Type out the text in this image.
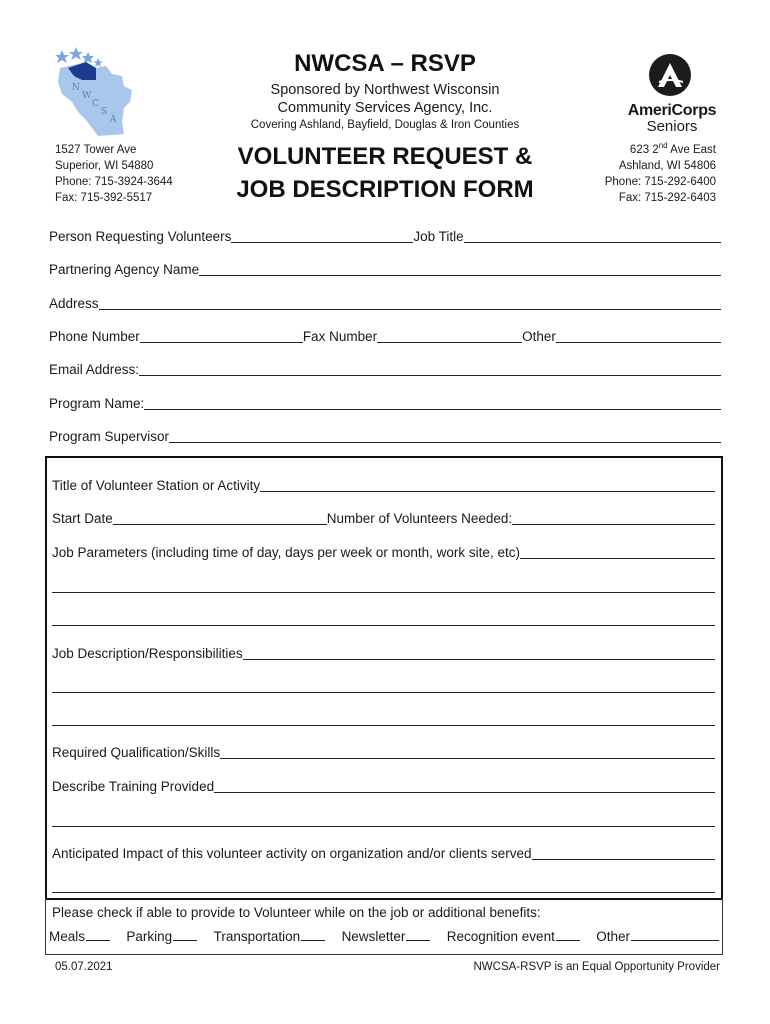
N
W
C
S
A
NWCSA – RSVP
Sponsored by Northwest Wisconsin
Community Services Agency, Inc.
Covering Ashland, Bayfield, Douglas & Iron Counties
VOLUNTEER REQUEST &
JOB DESCRIPTION FORM
1527 Tower Ave
Superior, WI 54880
Phone: 715-3924-3644
Fax: 715-392-5517
623 2nd Ave East
Ashland, WI 54806
Phone: 715-292-6400
Fax: 715-292-6403
AmeriCorps
Seniors
Person Requesting Volunteers	Job Title
Partnering Agency Name
Address
Phone Number	Fax Number	Other
Email Address:
Program Name:
Program Supervisor
Title of Volunteer Station or Activity
Start Date	Number of Volunteers Needed:
Job Parameters (including time of day, days per week or month, work site, etc)
Job Description/Responsibilities
Required Qualification/Skills
Describe Training Provided
Anticipated Impact of this volunteer activity on organization and/or clients served
Please check if able to provide to Volunteer while on the job or additional benefits:
Meals	Parking	Transportation	Newsletter	Recognition event	Other
05.07.2021	NWCSA-RSVP is an Equal Opportunity Provider
